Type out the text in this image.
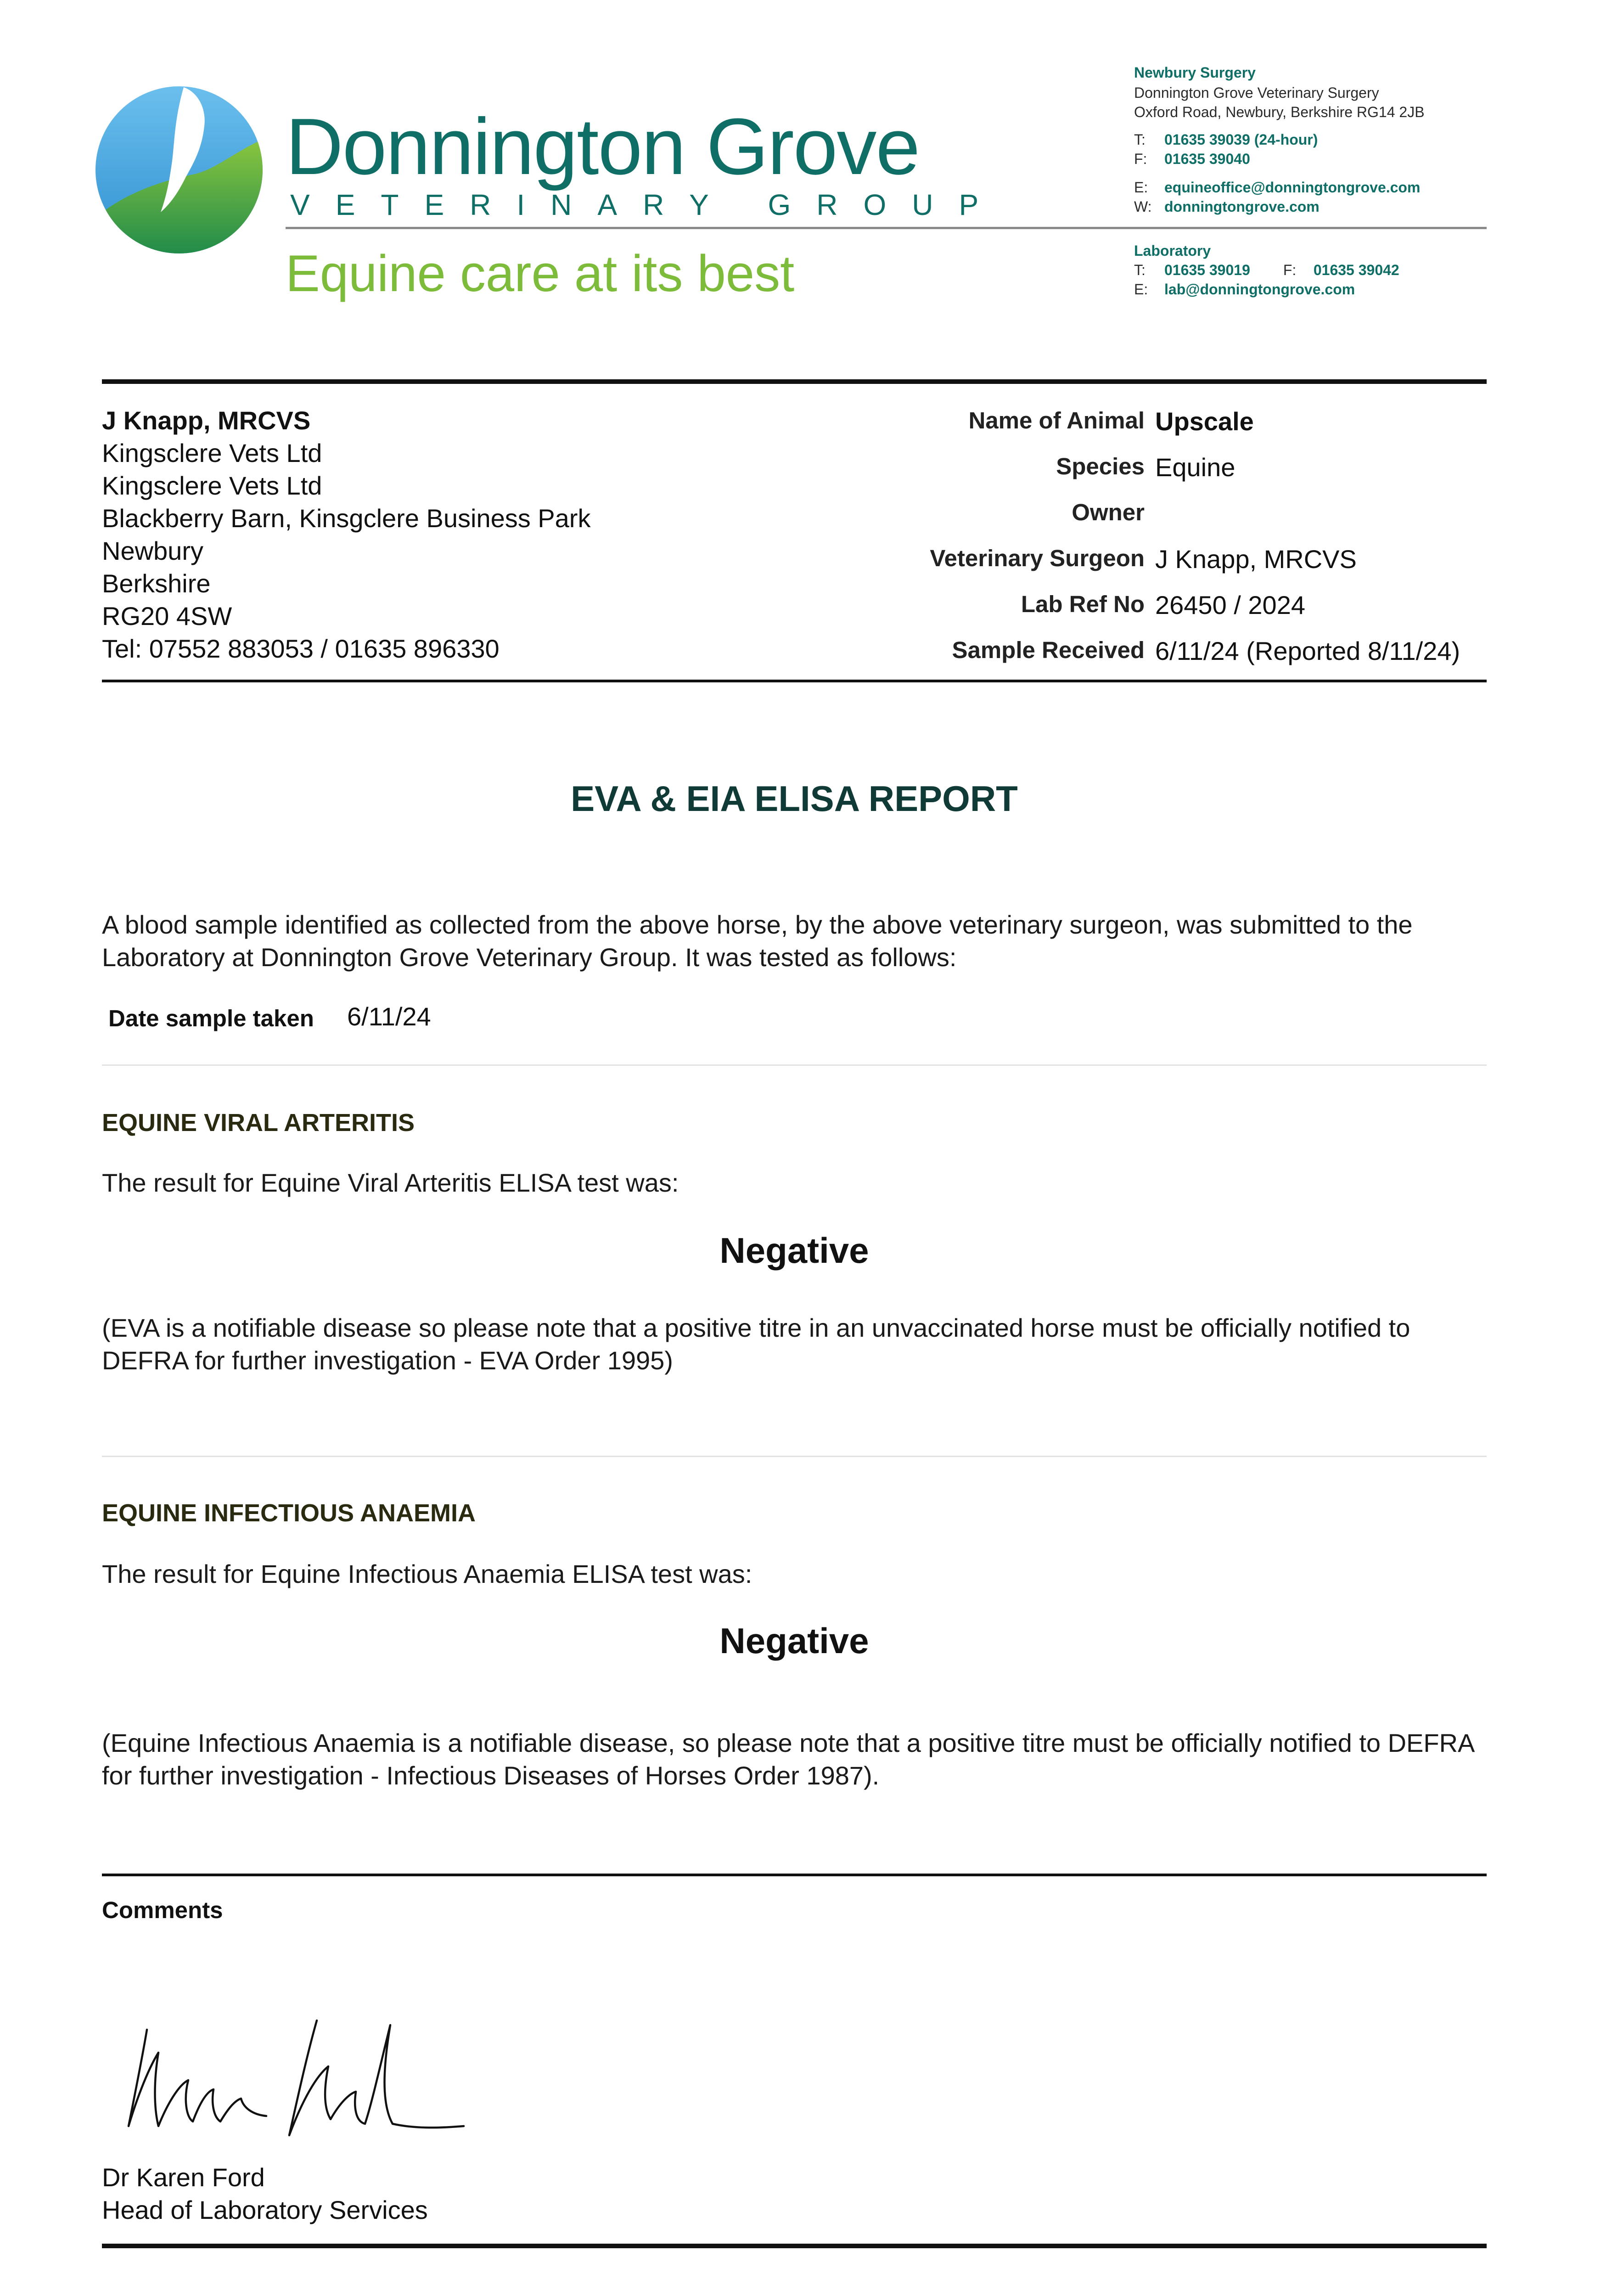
Donnington Grove
VETERINARY GROUP
Equine care at its best
Newbury Surgery
Donnington Grove Veterinary Surgery
Oxford Road, Newbury, Berkshire RG14 2JB
T: 01635 39039 (24-hour)
F: 01635 39040
E: equineoffice@donningtongrove.com
W: donningtongrove.com
Laboratory
T: 01635 39019 F: 01635 39042
E: lab@donningtongrove.com
J Knapp, MRCVS
Kingsclere Vets Ltd
Kingsclere Vets Ltd
Blackberry Barn, Kinsgclere Business Park
Newbury
Berkshire
RG20 4SW
Tel: 07552 883053 / 01635 896330
Name of Animal Upscale
Species Equine
Owner
Veterinary Surgeon J Knapp, MRCVS
Lab Ref No 26450 / 2024
Sample Received 6/11/24 (Reported 8/11/24)
EVA & EIA ELISA REPORT
A blood sample identified as collected from the above horse, by the above veterinary surgeon, was submitted to the Laboratory at Donnington Grove Veterinary Group. It was tested as follows:
Date sample taken 6/11/24
EQUINE VIRAL ARTERITIS
The result for Equine Viral Arteritis ELISA test was:
Negative
(EVA is a notifiable disease so please note that a positive titre in an unvaccinated horse must be officially notified to DEFRA for further investigation - EVA Order 1995)
EQUINE INFECTIOUS ANAEMIA
The result for Equine Infectious Anaemia ELISA test was:
Negative
(Equine Infectious Anaemia is a notifiable disease, so please note that a positive titre must be officially notified to DEFRA for further investigation - Infectious Diseases of Horses Order 1987).
Comments
Dr Karen Ford
Head of Laboratory Services
